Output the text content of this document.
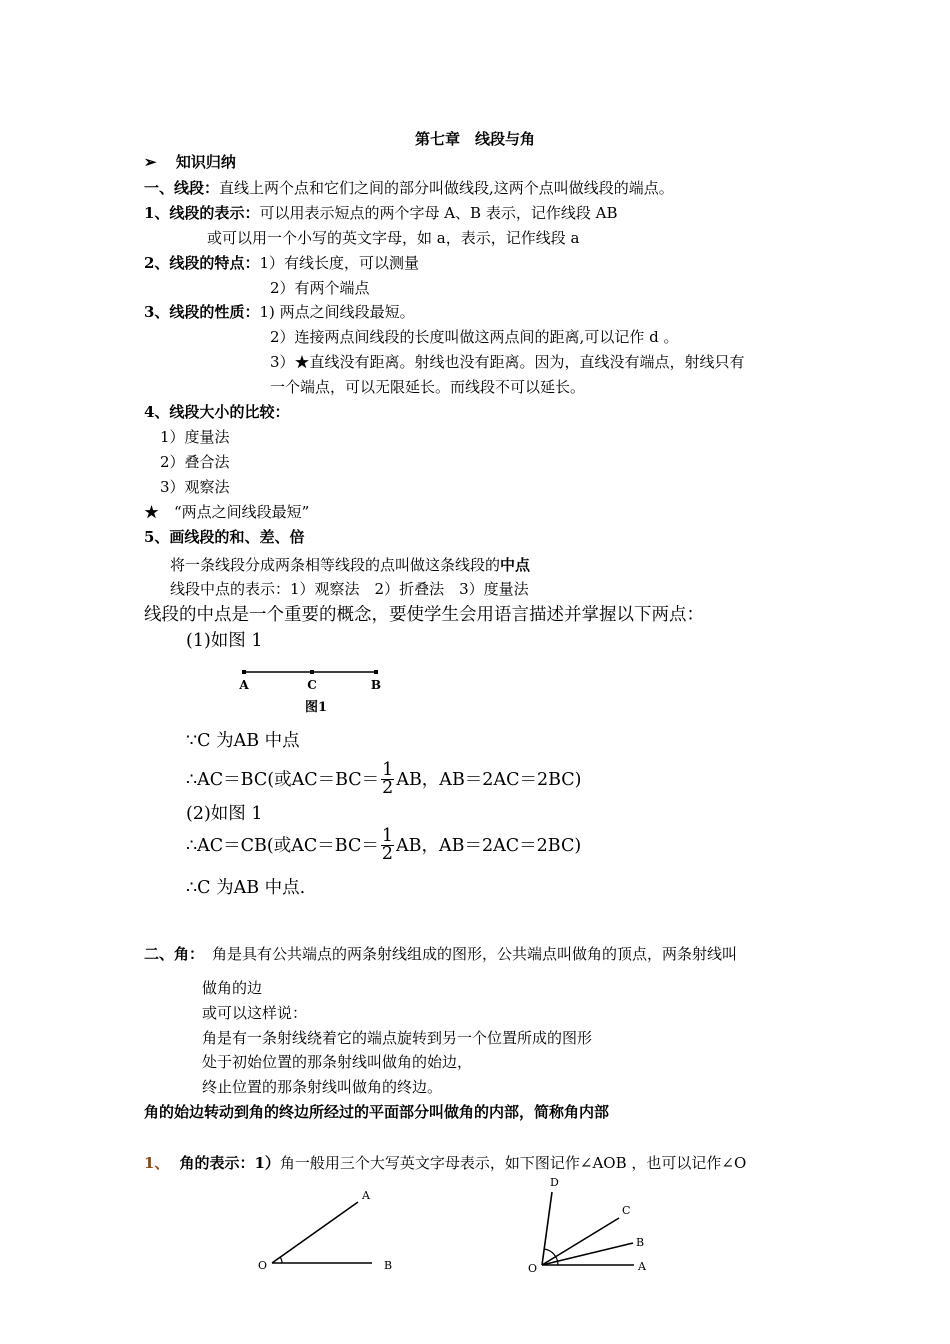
第七章　线段与角
➢ 知识归纳
一、线段：直线上两个点和它们之间的部分叫做线段,这两个点叫做线段的端点。
1、线段的表示：可以用表示短点的两个字母 A、B 表示，记作线段 AB
或可以用一个小写的英文字母，如 a，表示，记作线段 a
2、线段的特点：1）有线长度，可以测量
2）有两个端点
3、线段的性质：1) 两点之间线段最短。
2）连接两点间线段的长度叫做这两点间的距离,可以记作 d 。
3）★直线没有距离。射线也没有距离。因为，直线没有端点，射线只有
一个端点，可以无限延长。而线段不可以延长。
4、线段大小的比较：
1）度量法
2）叠合法
3）观察法
★　“两点之间线段最短”
5、画线段的和、差、倍
将一条线段分成两条相等线段的点叫做这条线段的中点
线段中点的表示：1）观察法　2）折叠法　3）度量法
线段的中点是一个重要的概念，要使学生会用语言描述并掌握以下两点：
(1)如图 1
A	C	B
图1
∵C 为AB 中点
∴AC＝BC(或$AC=BC= \frac{1}{2}$ AB，AB＝2AC＝2BC)
(2)如图 1
∴AC＝CB(或$AC=BC= \frac{1}{2}$ AB，AB＝2AC＝2BC)
∴C 为AB 中点.
二、角： 角是具有公共端点的两条射线组成的图形，公共端点叫做角的顶点，两条射线叫
做角的边
或可以这样说：
角是有一条射线绕着它的端点旋转到另一个位置所成的图形
处于初始位置的那条射线叫做角的始边，
终止位置的那条射线叫做角的终边。
角的始边转动到角的终边所经过的平面部分叫做角的内部，简称角内部
1、 角的表示：1）角一般用三个大写英文字母表示，如下图记作∠AOB ，也可以记作∠O
A
O	B
D
C
B
O	A
